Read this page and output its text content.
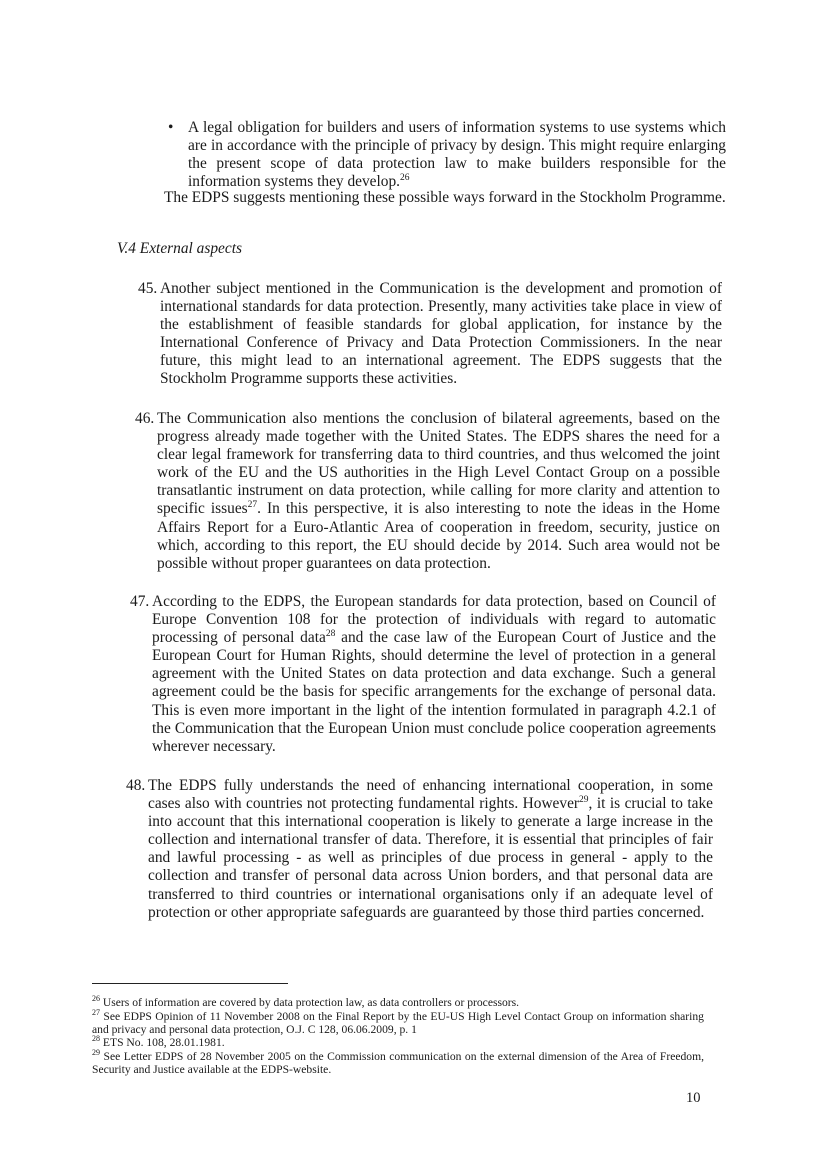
• A legal obligation for builders and users of information systems to use systems which are in accordance with the principle of privacy by design. This might require enlarging the present scope of data protection law to make builders responsible for the information systems they develop.$^{26}$

The EDPS suggests mentioning these possible ways forward in the Stockholm Programme.

V.4 External aspects
45. Another subject mentioned in the Communication is the development and promotion of international standards for data protection. Presently, many activities take place in view of the establishment of feasible standards for global application, for instance by the International Conference of Privacy and Data Protection Commissioners. In the near future, this might lead to an international agreement. The EDPS suggests that the Stockholm Programme supports these activities.
46. The Communication also mentions the conclusion of bilateral agreements, based on the progress already made together with the United States. The EDPS shares the need for a clear legal framework for transferring data to third countries, and thus welcomed the joint work of the EU and the US authorities in the High Level Contact Group on a possible transatlantic instrument on data protection, while calling for more clarity and attention to specific issues$^{27}$. In this perspective, it is also interesting to note the ideas in the Home Affairs Report for a Euro-Atlantic Area of cooperation in freedom, security, justice on which, according to this report, the EU should decide by 2014. Such area would not be possible without proper guarantees on data protection.
47. According to the EDPS, the European standards for data protection, based on Council of Europe Convention 108 for the protection of individuals with regard to automatic processing of personal data$^{28}$ and the case law of the European Court of Justice and the European Court for Human Rights, should determine the level of protection in a general agreement with the United States on data protection and data exchange. Such a general agreement could be the basis for specific arrangements for the exchange of personal data. This is even more important in the light of the intention formulated in paragraph 4.2.1 of the Communication that the European Union must conclude police cooperation agreements wherever necessary.
48. The EDPS fully understands the need of enhancing international cooperation, in some cases also with countries not protecting fundamental rights. However$^{29}$, it is crucial to take into account that this international cooperation is likely to generate a large increase in the collection and international transfer of data. Therefore, it is essential that principles of fair and lawful processing - as well as principles of due process in general - apply to the collection and transfer of personal data across Union borders, and that personal data are transferred to third countries or international organisations only if an adequate level of protection or other appropriate safeguards are guaranteed by those third parties concerned.

$^{26}$ Users of information are covered by data protection law, as data controllers or processors.

$^{27}$ See EDPS Opinion of 11 November 2008 on the Final Report by the EU-US High Level Contact Group on information sharing and privacy and personal data protection, O.J. C 128, 06.06.2009, p. 1

$^{28}$ ETS No. 108, 28.01.1981.

$^{29}$ See Letter EDPS of 28 November 2005 on the Commission communication on the external dimension of the Area of Freedom, Security and Justice available at the EDPS-website.

10
